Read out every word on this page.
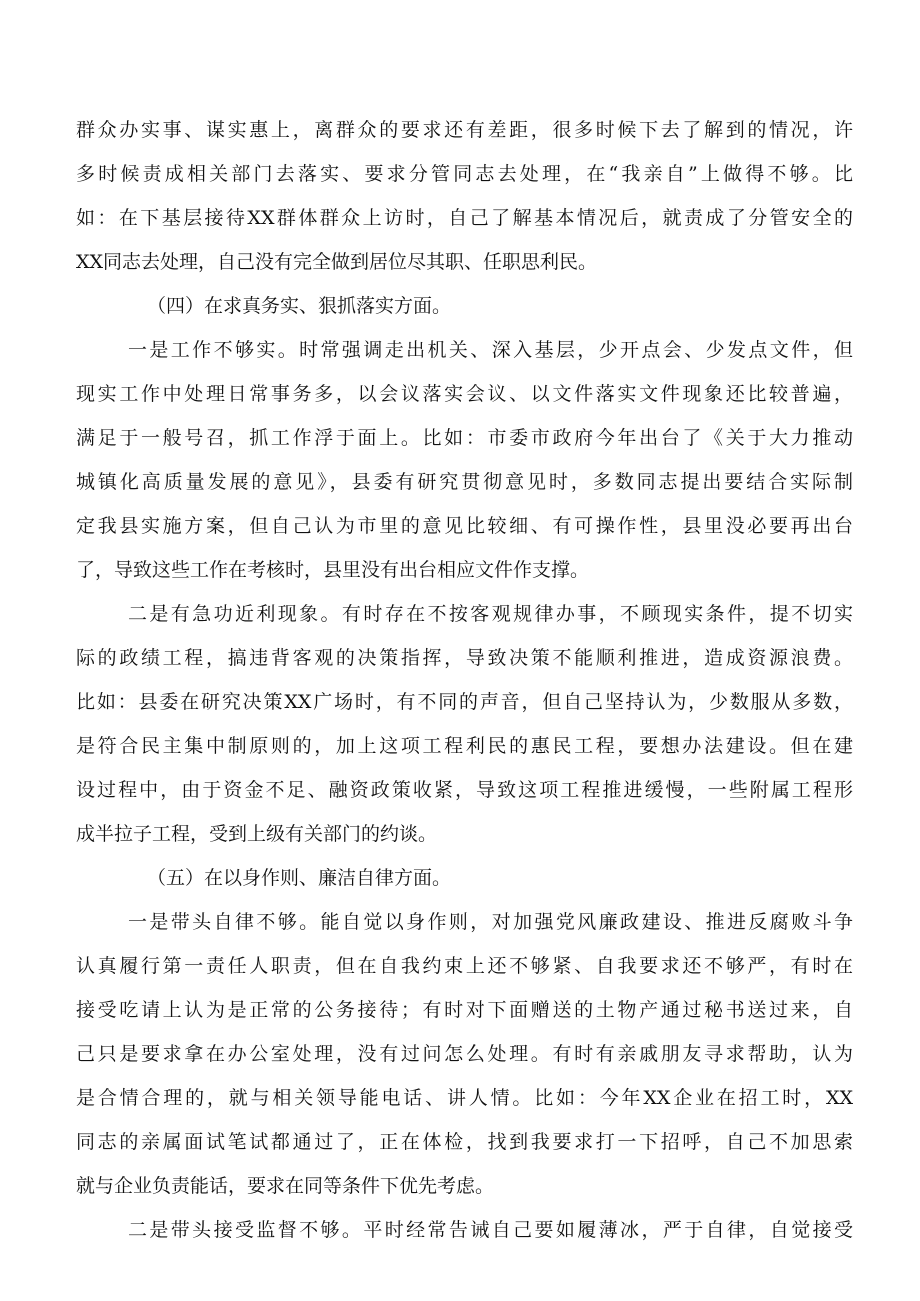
群众办实事、谋实惠上，离群众的要求还有差距，很多时候下去了解到的情况，许
多时候责成相关部门去落实、要求分管同志去处理，在“我亲自”上做得不够。比
如：在下基层接待XX群体群众上访时，自己了解基本情况后，就责成了分管安全的
XX同志去处理，自己没有完全做到居位尽其职、任职思利民。
（四）在求真务实、狠抓落实方面。
一是工作不够实。时常强调走出机关、深入基层，少开点会、少发点文件，但
现实工作中处理日常事务多，以会议落实会议、以文件落实文件现象还比较普遍，
满足于一般号召，抓工作浮于面上。比如：市委市政府今年出台了《关于大力推动
城镇化高质量发展的意见》，县委有研究贯彻意见时，多数同志提出要结合实际制
定我县实施方案，但自己认为市里的意见比较细、有可操作性，县里没必要再出台
了，导致这些工作在考核时，县里没有出台相应文件作支撑。
二是有急功近利现象。有时存在不按客观规律办事，不顾现实条件，提不切实
际的政绩工程，搞违背客观的决策指挥，导致决策不能顺利推进，造成资源浪费。
比如：县委在研究决策XX广场时，有不同的声音，但自己坚持认为，少数服从多数，
是符合民主集中制原则的，加上这项工程利民的惠民工程，要想办法建设。但在建
设过程中，由于资金不足、融资政策收紧，导致这项工程推进缓慢，一些附属工程形
成半拉子工程，受到上级有关部门的约谈。
（五）在以身作则、廉洁自律方面。
一是带头自律不够。能自觉以身作则，对加强党风廉政建设、推进反腐败斗争
认真履行第一责任人职责，但在自我约束上还不够紧、自我要求还不够严，有时在
接受吃请上认为是正常的公务接待；有时对下面赠送的土物产通过秘书送过来，自
己只是要求拿在办公室处理，没有过问怎么处理。有时有亲戚朋友寻求帮助，认为
是合情合理的，就与相关领导能电话、讲人情。比如：今年XX企业在招工时，XX
同志的亲属面试笔试都通过了，正在体检，找到我要求打一下招呼，自己不加思索
就与企业负责能话，要求在同等条件下优先考虑。
二是带头接受监督不够。平时经常告诫自己要如履薄冰，严于自律，自觉接受
